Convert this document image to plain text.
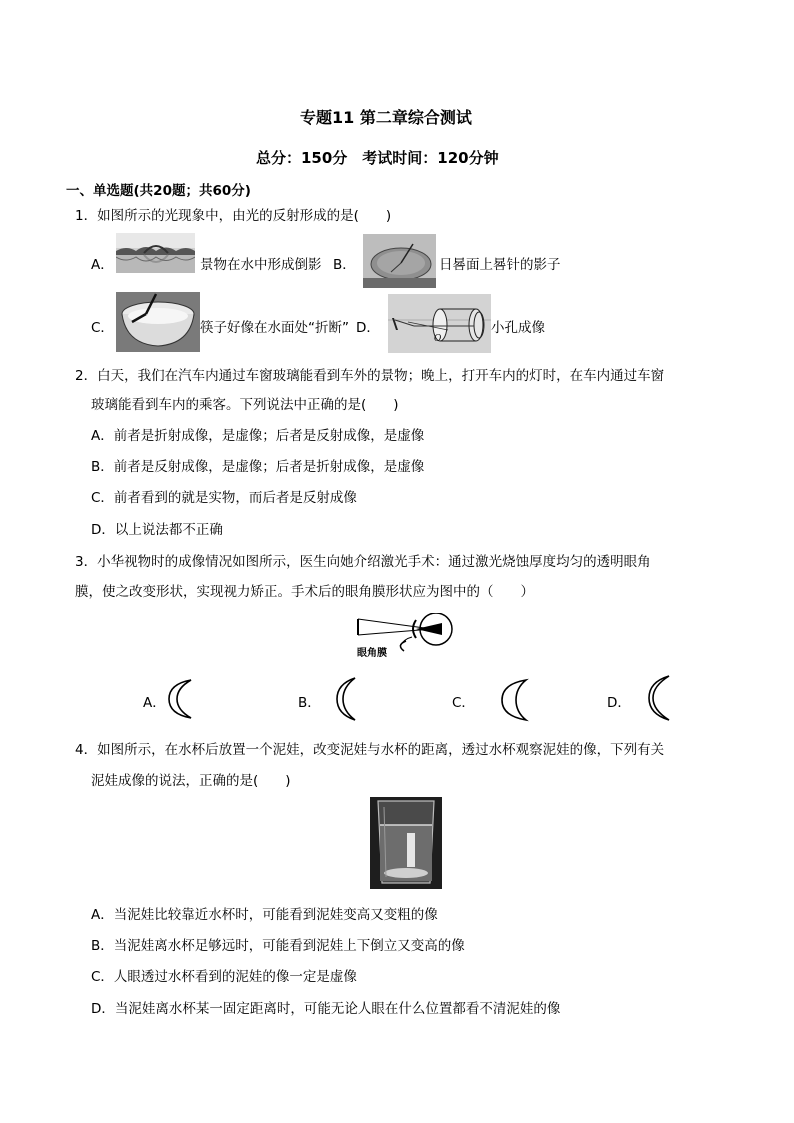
专题11 第二章综合测试
总分：150分　考试时间：120分钟
一、单选题(共20题；共60分)
1．如图所示的光现象中，由光的反射形成的是(　　)
A．	景物在水中形成倒影 B．	日晷面上晷针的影子
C．	筷子好像在水面处“折断” D．
O
小孔成像
2．白天，我们在汽车内通过车窗玻璃能看到车外的景物；晚上，打开车内的灯时，在车内通过车窗
玻璃能看到车内的乘客。下列说法中正确的是(　　)
A．前者是折射成像，是虚像；后者是反射成像，是虚像
B．前者是反射成像，是虚像；后者是折射成像，是虚像
C．前者看到的就是实物，而后者是反射成像
D．以上说法都不正确
3．小华视物时的成像情况如图所示，医生向她介绍激光手术：通过激光烧蚀厚度均匀的透明眼角
膜，使之改变形状，实现视力矫正。手术后的眼角膜形状应为图中的（　　）
眼角膜
A．	B．	C．	D．
4．如图所示，在水杯后放置一个泥娃，改变泥娃与水杯的距离，透过水杯观察泥娃的像，下列有关
泥娃成像的说法，正确的是(　　)
A．当泥娃比较靠近水杯时，可能看到泥娃变高又变粗的像
B．当泥娃离水杯足够远时，可能看到泥娃上下倒立又变高的像
C．人眼透过水杯看到的泥娃的像一定是虚像
D．当泥娃离水杯某一固定距离时，可能无论人眼在什么位置都看不清泥娃的像
